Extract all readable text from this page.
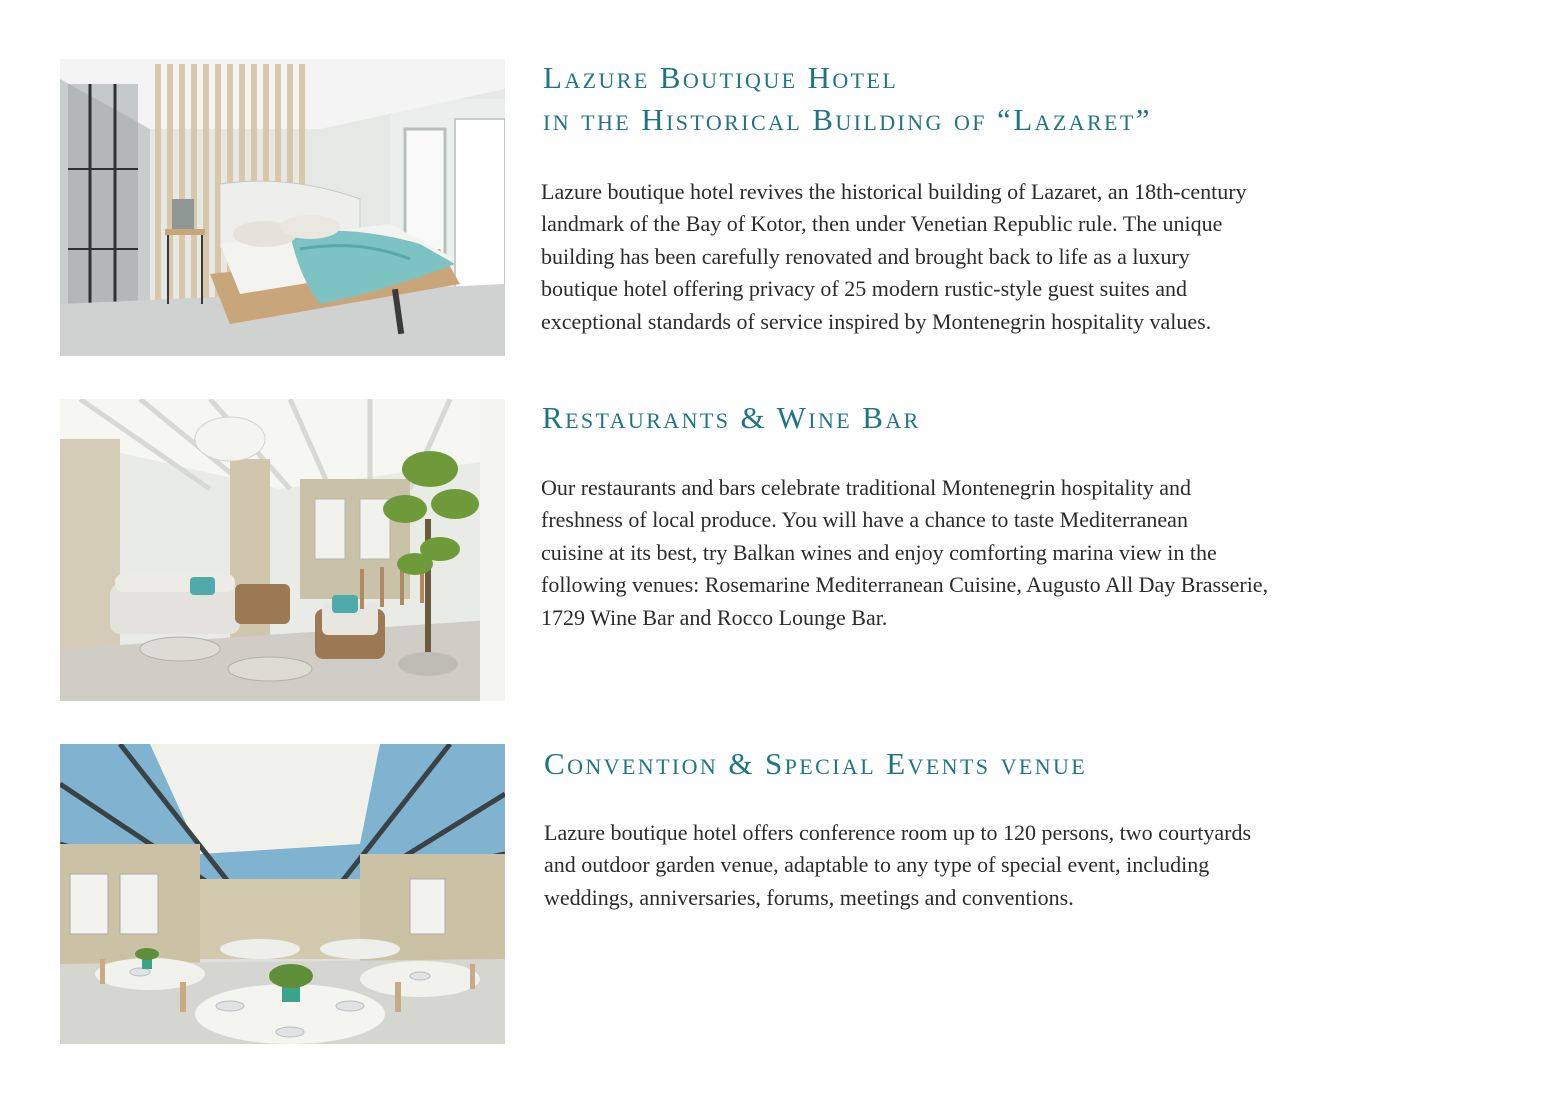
Lazure Boutique Hotel
in the Historical Building of “Lazaret”
Lazure boutique hotel revives the historical building of Lazaret, an 18th-century
landmark of the Bay of Kotor, then under Venetian Republic rule. The unique
building has been carefully renovated and brought back to life as a luxury
boutique hotel offering privacy of 25 modern rustic-style guest suites and
exceptional standards of service inspired by Montenegrin hospitality values.
Restaurants & Wine Bar
Our restaurants and bars celebrate traditional Montenegrin hospitality and
freshness of local produce. You will have a chance to taste Mediterranean
cuisine at its best, try Balkan wines and enjoy comforting marina view in the
following venues: Rosemarine Mediterranean Cuisine, Augusto All Day Brasserie,
1729 Wine Bar and Rocco Lounge Bar.
Convention & Special Events venue
Lazure boutique hotel offers conference room up to 120 persons, two courtyards
and outdoor garden venue, adaptable to any type of special event, including
weddings, anniversaries, forums, meetings and conventions.
